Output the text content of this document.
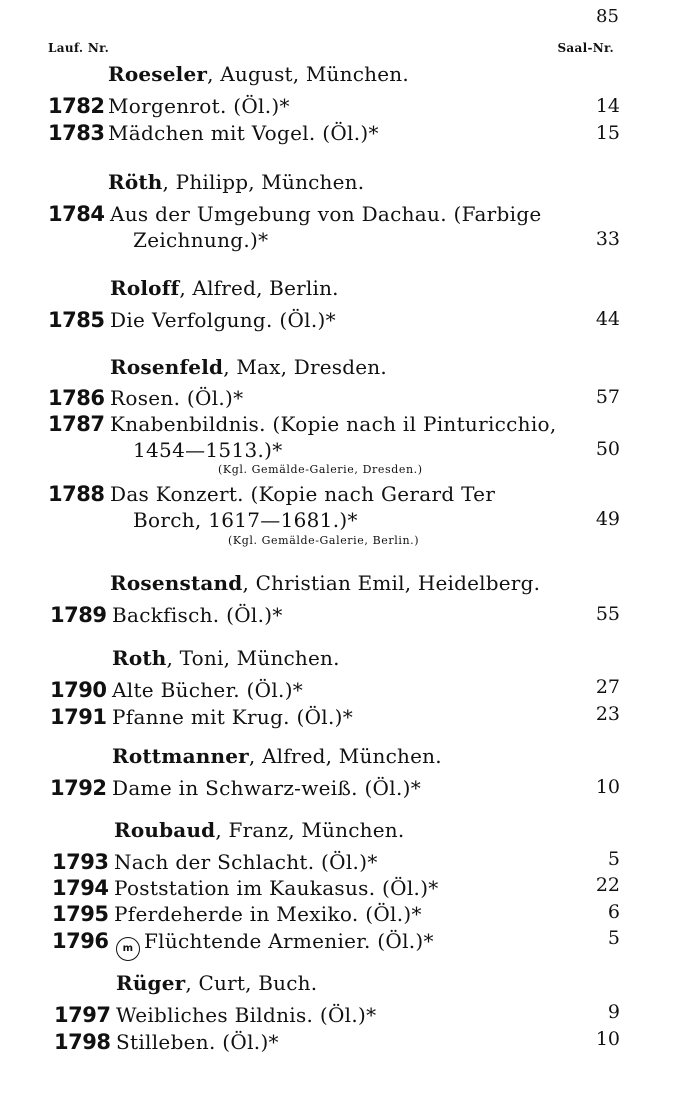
85
Lauf. Nr.	Saal-Nr.
Roeseler, August, München.
1782 Morgenrot. (Öl.)*	14
1783 Mädchen mit Vogel. (Öl.)*	15
Röth, Philipp, München.
1784 Aus der Umgebung von Dachau. (Farbige
Zeichnung.)*	33
Roloff, Alfred, Berlin.
1785 Die Verfolgung. (Öl.)*	44
Rosenfeld, Max, Dresden.
1786 Rosen. (Öl.)*	57
1787 Knabenbildnis. (Kopie nach il Pinturicchio,
1454—1513.)*	50
(Kgl. Gemälde-Galerie, Dresden.)
1788 Das Konzert. (Kopie nach Gerard Ter
Borch, 1617—1681.)*	49
(Kgl. Gemälde-Galerie, Berlin.)
Rosenstand, Christian Emil, Heidelberg.
1789 Backfisch. (Öl.)*	55
Roth, Toni, München.
1790 Alte Bücher. (Öl.)*	27
1791 Pfanne mit Krug. (Öl.)*	23
Rottmanner, Alfred, München.
1792 Dame in Schwarz-weiß. (Öl.)*	10
Roubaud, Franz, München.
1793 Nach der Schlacht. (Öl.)*	5
1794 Poststation im Kaukasus. (Öl.)*	22
1795 Pferdeherde in Mexiko. (Öl.)*	6
1796	m Flüchtende Armenier. (Öl.)*	5
Rüger, Curt, Buch.
1797 Weibliches Bildnis. (Öl.)*	9
1798 Stilleben. (Öl.)*	10
